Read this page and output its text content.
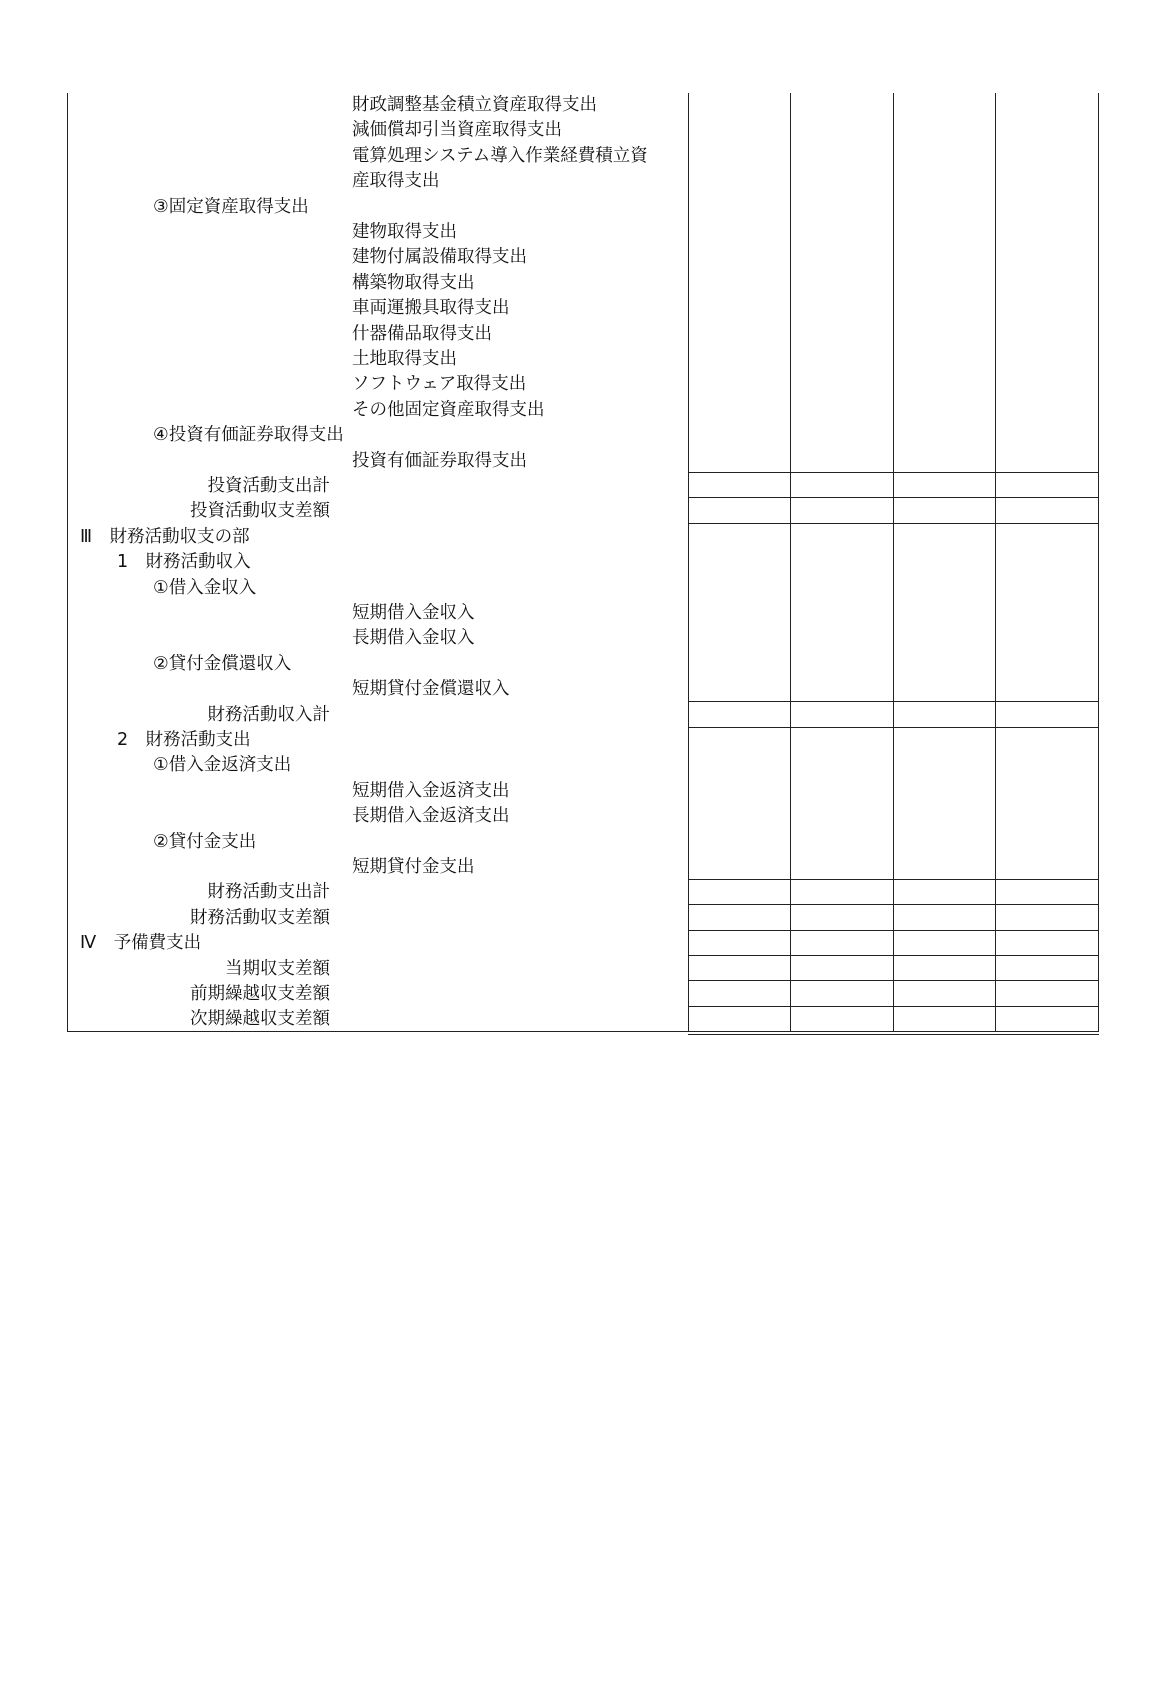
財政調整基金積立資産取得支出
減価償却引当資産取得支出
電算処理システム導入作業経費積立資
産取得支出
③固定資産取得支出
建物取得支出
建物付属設備取得支出
構築物取得支出
車両運搬具取得支出
什器備品取得支出
土地取得支出
ソフトウェア取得支出
その他固定資産取得支出
④投資有価証券取得支出
投資有価証券取得支出
投資活動支出計
投資活動収支差額
Ⅲ　財務活動収支の部
1　財務活動収入
①借入金収入
短期借入金収入
長期借入金収入
②貸付金償還収入
短期貸付金償還収入
財務活動収入計
2　財務活動支出
①借入金返済支出
短期借入金返済支出
長期借入金返済支出
②貸付金支出
短期貸付金支出
財務活動支出計
財務活動収支差額
Ⅳ　予備費支出
当期収支差額
前期繰越収支差額
次期繰越収支差額
